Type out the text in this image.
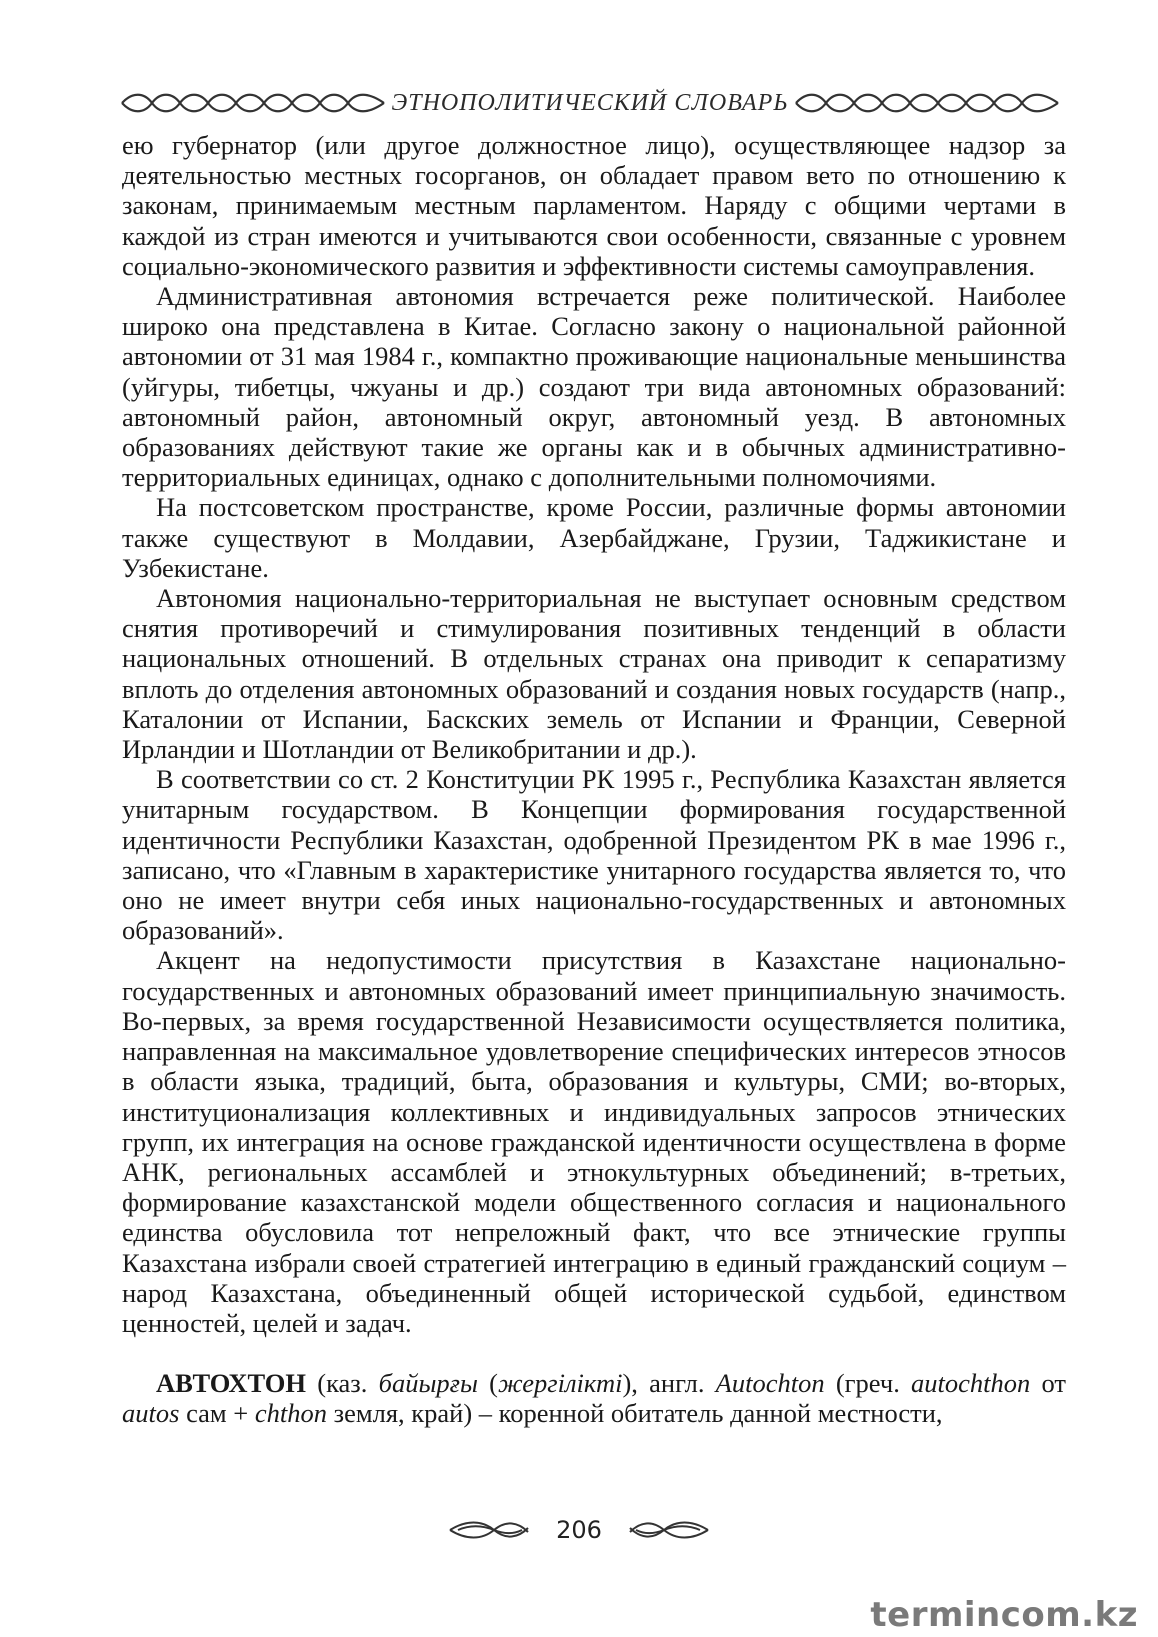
ЭТНОПОЛИТИЧЕСКИЙ СЛОВАРЬ

ею губернатор (или другое должностное лицо), осуществляющее надзор за деятельностью местных госорганов, он обладает правом вето по отношению к законам, принимаемым местным парламентом. Наряду с общими чертами в каждой из стран имеются и учитываются свои особенности, связанные с уровнем социально-экономического развития и эффективности системы самоуправления.

Административная автономия встречается реже политической. Наиболее широко она представлена в Китае. Согласно закону о национальной районной автономии от 31 мая 1984 г., компактно проживающие национальные меньшинства (уйгуры, тибетцы, чжуаны и др.) создают три вида автономных образований: автономный район, автономный округ, автономный уезд. В автономных образованиях действуют такие же органы как и в обычных административно-территориальных единицах, однако с дополнительными полномочиями.

На постсоветском пространстве, кроме России, различные формы автономии также существуют в Молдавии, Азербайджане, Грузии, Таджикистане и Узбекистане.

Автономия национально-территориальная не выступает основным средством снятия противоречий и стимулирования позитивных тенденций в области национальных отношений. В отдельных странах она приводит к сепаратизму вплоть до отделения автономных образований и создания новых государств (напр., Каталонии от Испании, Баскских земель от Испании и Франции, Северной Ирландии и Шотландии от Великобритании и др.).

В соответствии со ст. 2 Конституции РК 1995 г., Республика Казахстан является унитарным государством. В Концепции формирования государственной идентичности Республики Казахстан, одобренной Президентом РК в мае 1996 г., записано, что «Главным в характеристике унитарного государства является то, что оно не имеет внутри себя иных национально-государственных и автономных образований».

Акцент на недопустимости присутствия в Казахстане национально-государственных и автономных образований имеет принципиальную значимость. Во-первых, за время государственной Независимости осуществляется политика, направленная на максимальное удовлетворение специфических интересов этносов в области языка, традиций, быта, образования и культуры, СМИ; во-вторых, институционализация коллективных и индивидуальных запросов этнических групп, их интеграция на основе гражданской идентичности осуществлена в форме АНК, региональных ассамблей и этнокультурных объединений; в-третьих, формирование казахстанской модели общественного согласия и национального единства обусловила тот непреложный факт, что все этнические группы Казахстана избрали своей стратегией интеграцию в единый гражданский социум – народ Казахстана, объединенный общей исторической судьбой, единством ценностей, целей и задач.

АВТОХТОН (каз. байырғы (жергілікті), англ. Autochton (греч. autochthon от autos сам + chthon земля, край) – коренной обитатель данной местности,

206
termincom.kz
